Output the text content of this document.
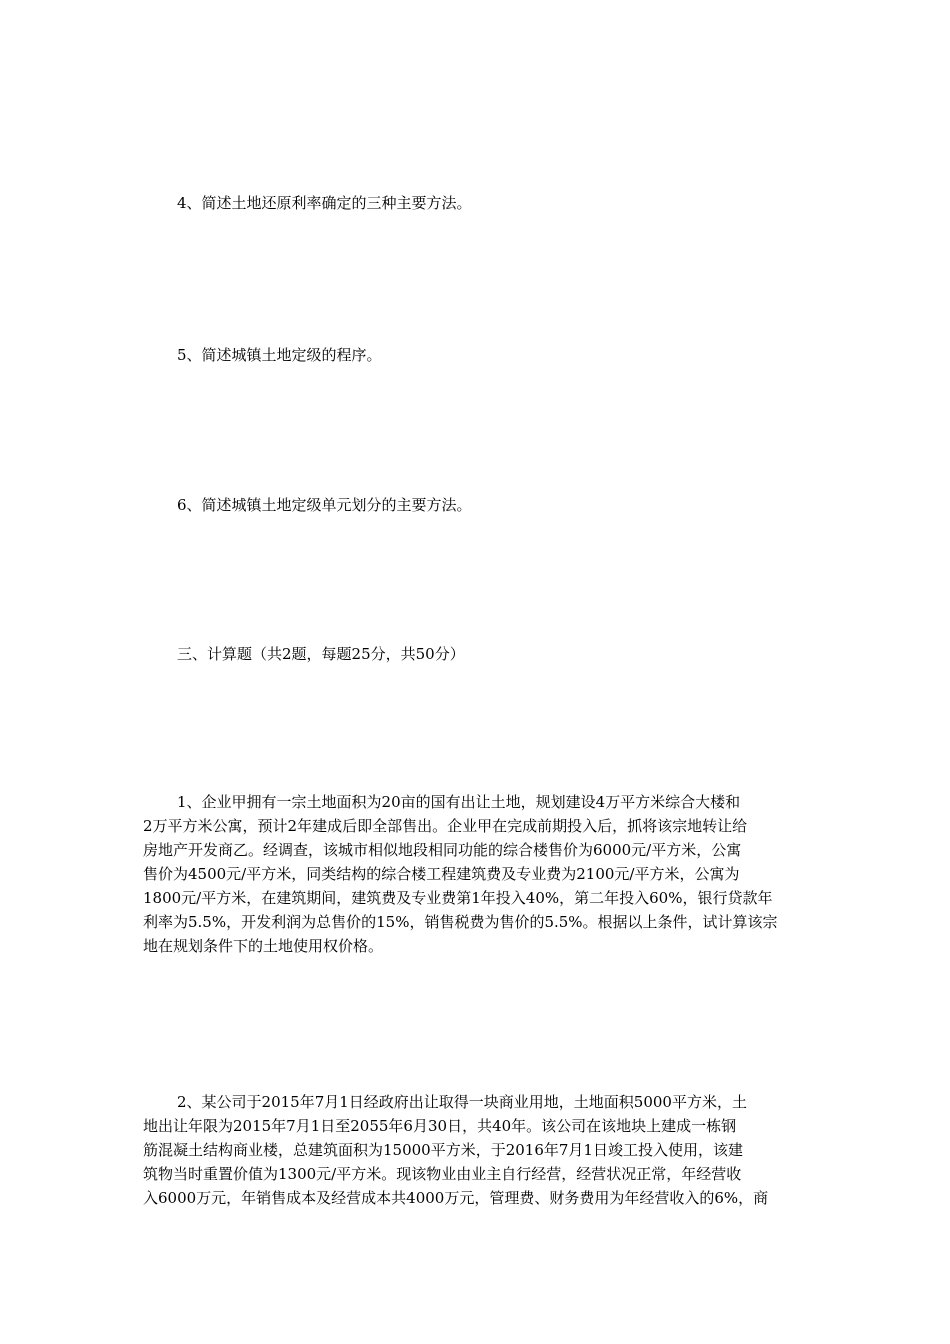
4、简述土地还原利率确定的三种主要方法。

5、简述城镇土地定级的程序。

6、简述城镇土地定级单元划分的主要方法。

三、计算题（共2题，每题25分，共50分）

1、企业甲拥有一宗土地面积为20亩的国有出让土地，规划建设4万平方米综合大楼和
2万平方米公寓，预计2年建成后即全部售出。企业甲在完成前期投入后，抓将该宗地转让给
房地产开发商乙。经调查，该城市相似地段相同功能的综合楼售价为6000元/平方米，公寓
售价为4500元/平方米，同类结构的综合楼工程建筑费及专业费为2100元/平方米，公寓为
1800元/平方米，在建筑期间，建筑费及专业费第1年投入40%，第二年投入60%，银行贷款年
利率为5.5%，开发利润为总售价的15%，销售税费为售价的5.5%。根据以上条件，试计算该宗
地在规划条件下的土地使用权价格。
2、某公司于2015年7月1日经政府出让取得一块商业用地，土地面积5000平方米，土
地出让年限为2015年7月1日至2055年6月30日，共40年。该公司在该地块上建成一栋钢
筋混凝土结构商业楼，总建筑面积为15000平方米，于2016年7月1日竣工投入使用，该建
筑物当时重置价值为1300元/平方米。现该物业由业主自行经营，经营状况正常，年经营收
入6000万元，年销售成本及经营成本共4000万元，管理费、财务费用为年经营收入的6%，商
